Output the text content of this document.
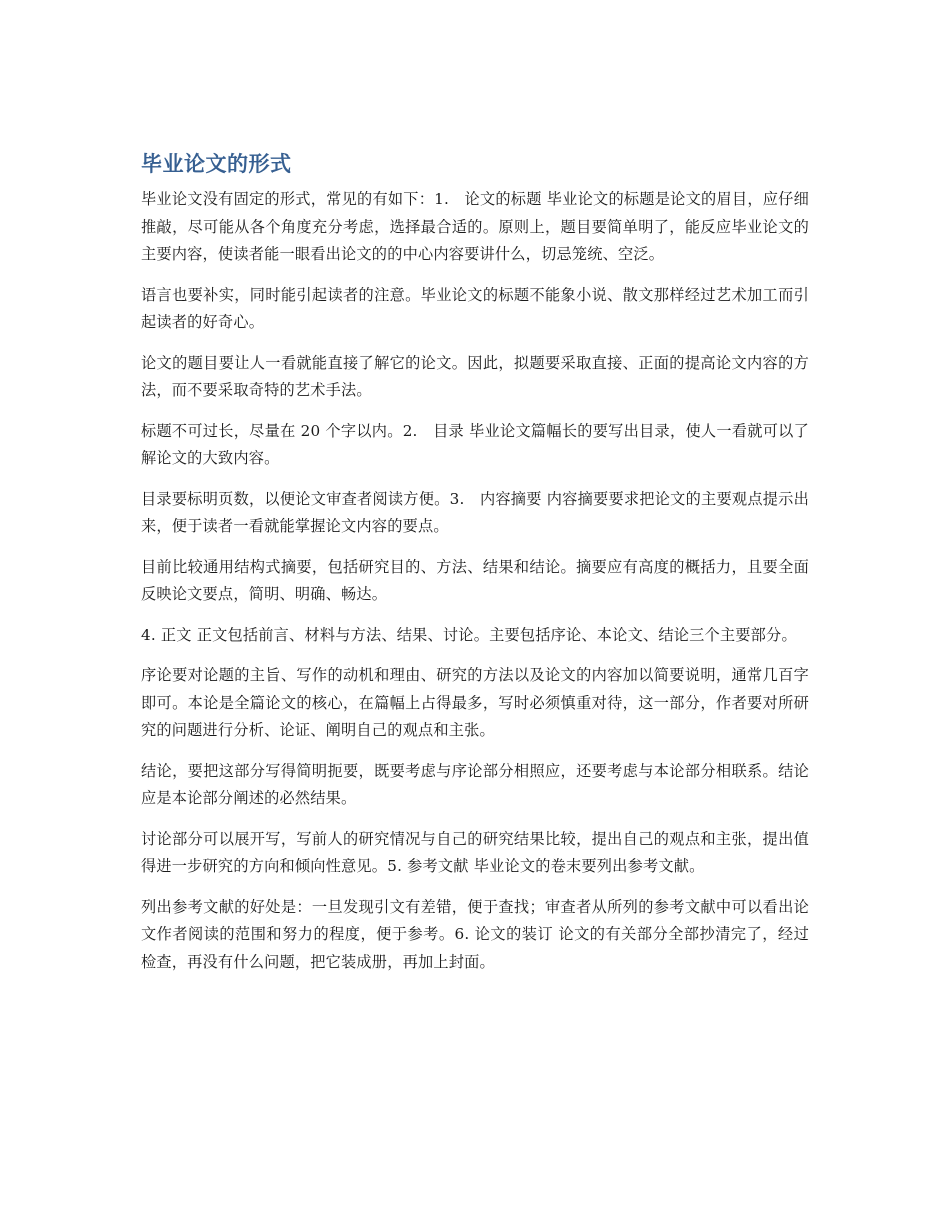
毕业论文的形式

毕业论文没有固定的形式，常见的有如下：1.　论文的标题 毕业论文的标题是论文的眉目，应仔细推敲，尽可能从各个角度充分考虑，选择最合适的。原则上，题目要简单明了，能反应毕业论文的主要内容，使读者能一眼看出论文的的中心内容要讲什么，切忌笼统、空泛。

语言也要补实，同时能引起读者的注意。毕业论文的标题不能象小说、散文那样经过艺术加工而引起读者的好奇心。

论文的题目要让人一看就能直接了解它的论文。因此，拟题要采取直接、正面的提高论文内容的方法，而不要采取奇特的艺术手法。

标题不可过长，尽量在 20 个字以内。2.　目录 毕业论文篇幅长的要写出目录，使人一看就可以了解论文的大致内容。

目录要标明页数，以便论文审查者阅读方便。3.　内容摘要 内容摘要要求把论文的主要观点提示出来，便于读者一看就能掌握论文内容的要点。

目前比较通用结构式摘要，包括研究目的、方法、结果和结论。摘要应有高度的概括力，且要全面反映论文要点，简明、明确、畅达。

4. 正文 正文包括前言、材料与方法、结果、讨论。主要包括序论、本论文、结论三个主要部分。

序论要对论题的主旨、写作的动机和理由、研究的方法以及论文的内容加以简要说明，通常几百字即可。本论是全篇论文的核心，在篇幅上占得最多，写时必须慎重对待，这一部分，作者要对所研究的问题进行分析、论证、阐明自己的观点和主张。

结论，要把这部分写得简明扼要，既要考虑与序论部分相照应，还要考虑与本论部分相联系。结论应是本论部分阐述的必然结果。

讨论部分可以展开写，写前人的研究情况与自己的研究结果比较，提出自己的观点和主张，提出值得进一步研究的方向和倾向性意见。5. 参考文献 毕业论文的卷末要列出参考文献。

列出参考文献的好处是：一旦发现引文有差错，便于查找；审查者从所列的参考文献中可以看出论文作者阅读的范围和努力的程度，便于参考。6. 论文的装订 论文的有关部分全部抄清完了，经过检查，再没有什么问题，把它装成册，再加上封面。
